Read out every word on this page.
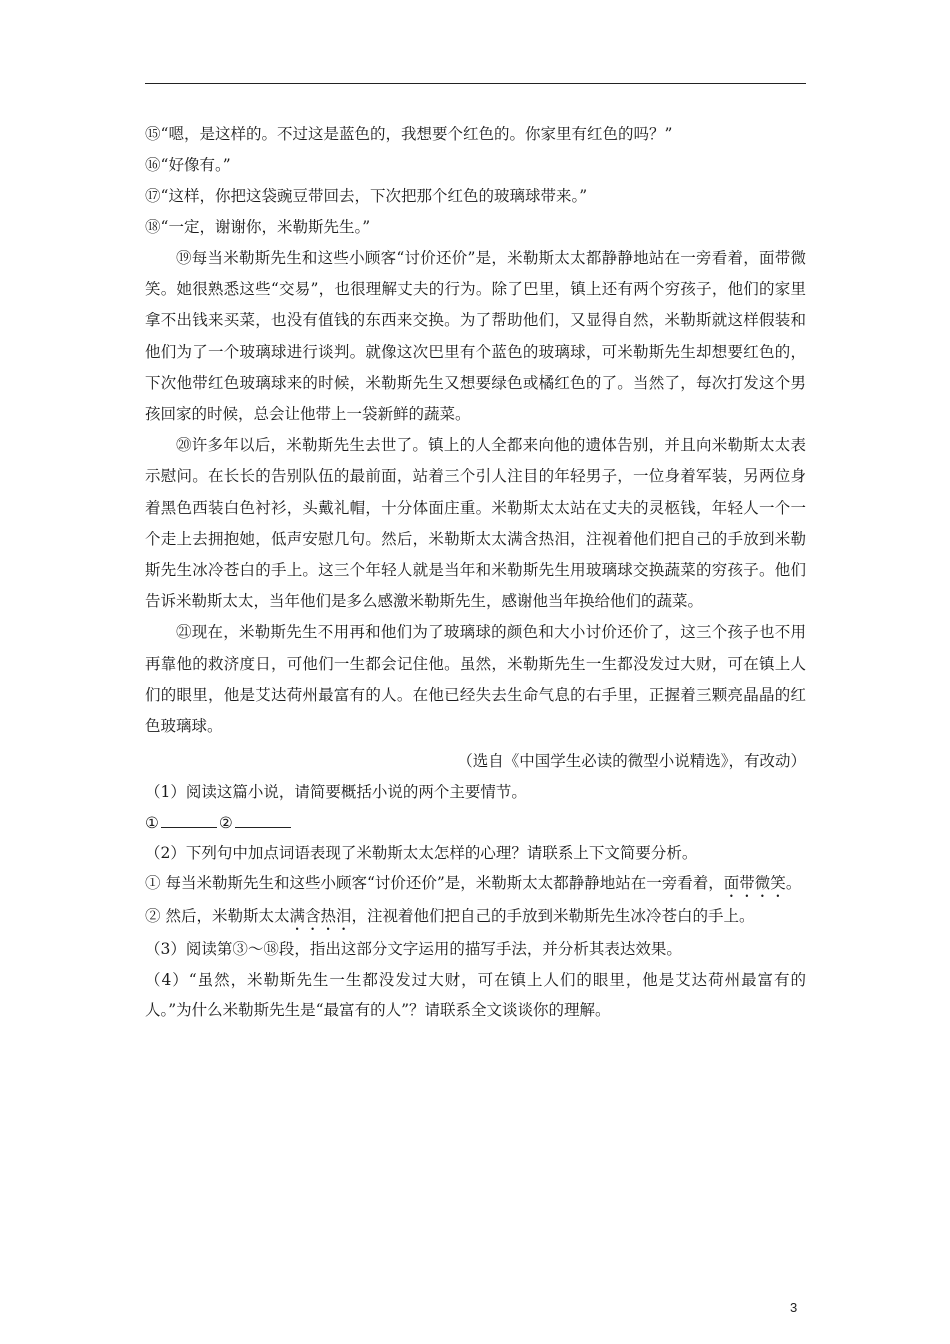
⑮“嗯，是这样的。不过这是蓝色的，我想要个红色的。你家里有红色的吗？”
⑯“好像有。”
⑰“这样，你把这袋豌豆带回去，下次把那个红色的玻璃球带来。”
⑱“一定，谢谢你，米勒斯先生。”

⑲每当米勒斯先生和这些小顾客“讨价还价”是，米勒斯太太都静静地站在一旁看着，面带微笑。她很熟悉这些“交易”，也很理解丈夫的行为。除了巴里，镇上还有两个穷孩子，他们的家里拿不出钱来买菜，也没有值钱的东西来交换。为了帮助他们，又显得自然，米勒斯就这样假装和他们为了一个玻璃球进行谈判。就像这次巴里有个蓝色的玻璃球，可米勒斯先生却想要红色的，下次他带红色玻璃球来的时候，米勒斯先生又想要绿色或橘红色的了。当然了，每次打发这个男孩回家的时候，总会让他带上一袋新鲜的蔬菜。

⑳许多年以后，米勒斯先生去世了。镇上的人全都来向他的遗体告别，并且向米勒斯太太表示慰问。在长长的告别队伍的最前面，站着三个引人注目的年轻男子，一位身着军装，另两位身着黑色西装白色衬衫，头戴礼帽，十分体面庄重。米勒斯太太站在丈夫的灵柩钱，年轻人一个一个走上去拥抱她，低声安慰几句。然后，米勒斯太太满含热泪，注视着他们把自己的手放到米勒斯先生冰冷苍白的手上。这三个年轻人就是当年和米勒斯先生用玻璃球交换蔬菜的穷孩子。他们告诉米勒斯太太，当年他们是多么感激米勒斯先生，感谢他当年换给他们的蔬菜。

㉑现在，米勒斯先生不用再和他们为了玻璃球的颜色和大小讨价还价了，这三个孩子也不用再靠他的救济度日，可他们一生都会记住他。虽然，米勒斯先生一生都没发过大财，可在镇上人们的眼里，他是艾达荷州最富有的人。在他已经失去生命气息的右手里，正握着三颗亮晶晶的红色玻璃球。

（选自《中国学生必读的微型小说精选》，有改动）

（1）阅读这篇小说，请简要概括小说的两个主要情节。

①	②

（2）下列句中加点词语表现了米勒斯太太怎样的心理？请联系上下文简要分析。

① 每当米勒斯先生和这些小顾客“讨价还价”是，米勒斯太太都静静地站在一旁看着，面带微笑。

② 然后，米勒斯太太满含热泪，注视着他们把自己的手放到米勒斯先生冰冷苍白的手上。

（3）阅读第③～⑱段，指出这部分文字运用的描写手法，并分析其表达效果。

（4）“虽然，米勒斯先生一生都没发过大财，可在镇上人们的眼里，他是艾达荷州最富有的人。”为什么米勒斯先生是“最富有的人”？请联系全文谈谈你的理解。

3
